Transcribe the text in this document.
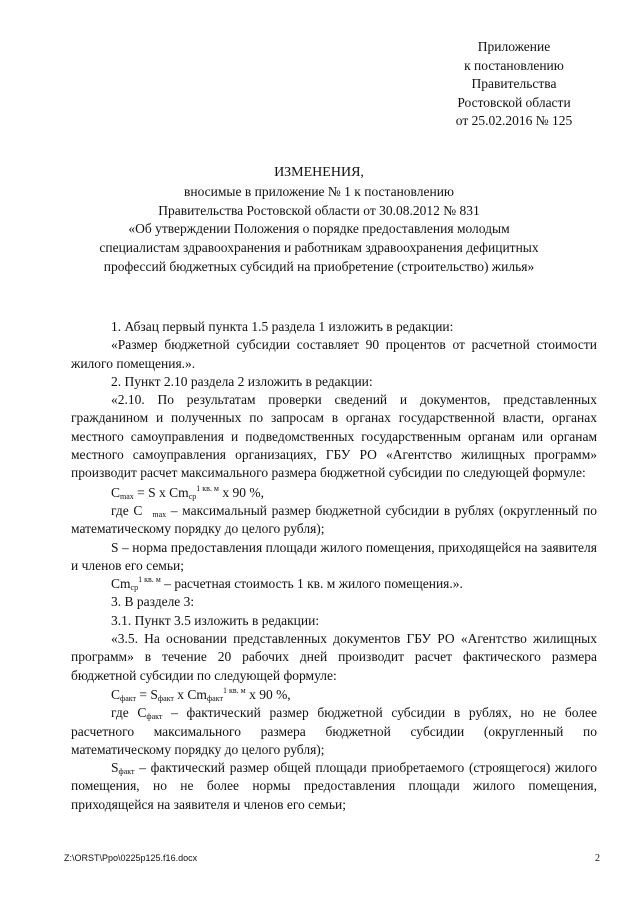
Приложение
к постановлению
Правительства
Ростовской области
от 25.02.2016 № 125
ИЗМЕНЕНИЯ,
вносимые в приложение № 1 к постановлению
Правительства Ростовской области от 30.08.2012 № 831
«Об утверждении Положения о порядке предоставления молодым
специалистам здравоохранения и работникам здравоохранения дефицитных
профессий бюджетных субсидий на приобретение (строительство) жилья»

1. Абзац первый пункта 1.5 раздела 1 изложить в редакции:

«Размер бюджетной субсидии составляет 90 процентов от расчетной стоимости жилого помещения.».

2. Пункт 2.10 раздела 2 изложить в редакции:

«2.10. По результатам проверки сведений и документов, представленных гражданином и полученных по запросам в органах государственной власти, органах местного самоуправления и подведомственных государственным органам или органам местного самоуправления организациях, ГБУ РО «Агентство жилищных программ» производит расчет максимального размера бюджетной субсидии по следующей формуле:

$С_{max} = S$ x $Cm_{ср}^{1 кв. м}$ x 90 %,

где С $_{max}$ – максимальный размер бюджетной субсидии в рублях (округленный по математическому порядку до целого рубля);

S – норма предоставления площади жилого помещения, приходящейся на заявителя и членов его семьи;

$Cm_{ср}^{1 кв. м}$ – расчетная стоимость 1 кв. м жилого помещения.».

3. В разделе 3:

3.1. Пункт 3.5 изложить в редакции:

«3.5. На основании представленных документов ГБУ РО «Агентство жилищных программ» в течение 20 рабочих дней производит расчет фактического размера бюджетной субсидии по следующей формуле:

$С_{факт} = S_{факт}$ х $Cm_{факт}^{1 кв. м}$ x 90 %,

где $С_{факт}$ – фактический размер бюджетной субсидии в рублях, но не более расчетного максимального размера бюджетной субсидии (округленный по математическому порядку до целого рубля);

$S_{факт}$ – фактический размер общей площади приобретаемого (строящегося) жилого помещения, но не более нормы предоставления площади жилого помещения, приходящейся на заявителя и членов его семьи;

Z:\ORST\Ppo\0225p125.f16.docx	2
